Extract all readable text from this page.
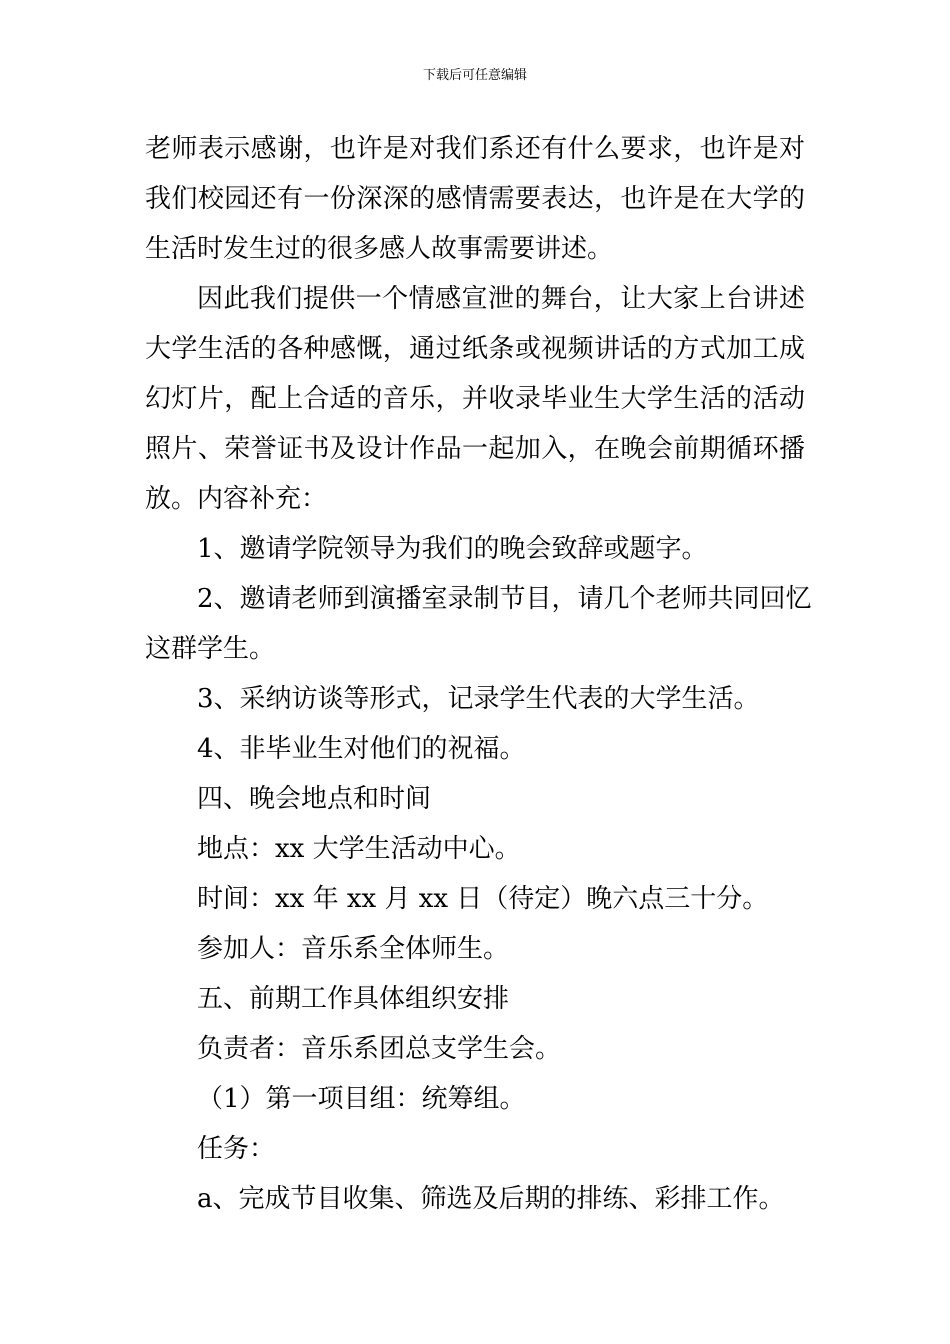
下载后可任意编辑
老师表示感谢，也许是对我们系还有什么要求，也许是对
我们校园还有一份深深的感情需要表达，也许是在大学的
生活时发生过的很多感人故事需要讲述。
因此我们提供一个情感宣泄的舞台，让大家上台讲述
大学生活的各种感慨，通过纸条或视频讲话的方式加工成
幻灯片，配上合适的音乐，并收录毕业生大学生活的活动
照片、荣誉证书及设计作品一起加入，在晚会前期循环播
放。内容补充：
1、邀请学院领导为我们的晚会致辞或题字。
2、邀请老师到演播室录制节目，请几个老师共同回忆
这群学生。
3、采纳访谈等形式，记录学生代表的大学生活。
4、非毕业生对他们的祝福。
四、晚会地点和时间
地点：xx 大学生活动中心。
时间：xx 年 xx 月 xx 日（待定）晚六点三十分。
参加人：音乐系全体师生。
五、前期工作具体组织安排
负责者：音乐系团总支学生会。
（1）第一项目组：统筹组。
任务：
a、完成节目收集、筛选及后期的排练、彩排工作。
